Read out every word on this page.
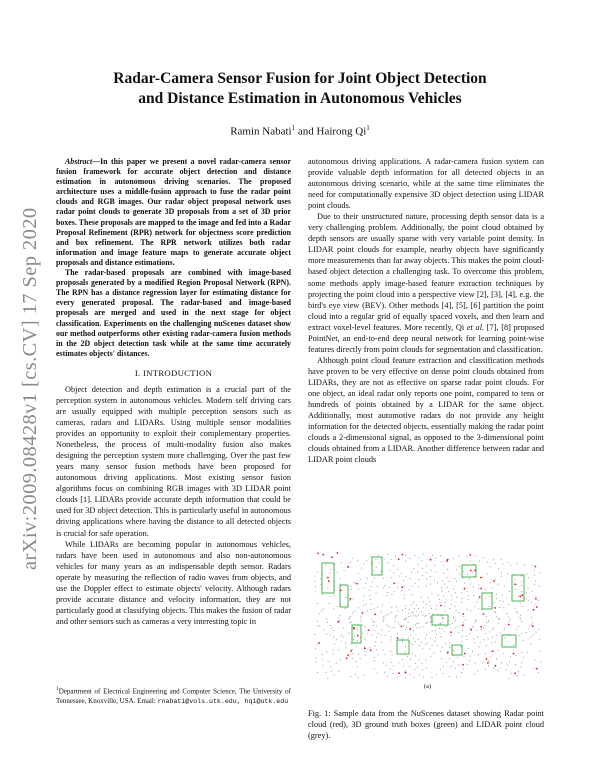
arXiv:2009.08428v1 [cs.CV] 17 Sep 2020
Radar-Camera Sensor Fusion for Joint Object Detection
and Distance Estimation in Autonomous Vehicles
Ramin Nabati$^1$ and Hairong Qi$^1$

Abstract—In this paper we present a novel radar-camera sensor fusion framework for accurate object detection and distance estimation in autonomous driving scenarios. The proposed architecture uses a middle-fusion approach to fuse the radar point clouds and RGB images. Our radar object proposal network uses radar point clouds to generate 3D proposals from a set of 3D prior boxes. These proposals are mapped to the image and fed into a Radar Proposal Refinement (RPR) network for objectness score prediction and box refinement. The RPR network utilizes both radar information and image feature maps to generate accurate object proposals and distance estimations.

The radar-based proposals are combined with image-based proposals generated by a modified Region Proposal Network (RPN). The RPN has a distance regression layer for estimating distance for every generated proposal. The radar-based and image-based proposals are merged and used in the next stage for object classification. Experiments on the challenging nuScenes dataset show our method outperforms other existing radar-camera fusion methods in the 2D object detection task while at the same time accurately estimates objects' distances.

I. INTRODUCTION

Object detection and depth estimation is a crucial part of the perception system in autonomous vehicles. Modern self driving cars are usually equipped with multiple perception sensors such as cameras, radars and LIDARs. Using multiple sensor modalities provides an opportunity to exploit their complementary properties. Nonetheless, the process of multi-modality fusion also makes designing the perception system more challenging. Over the past few years many sensor fusion methods have been proposed for autonomous driving applications. Most existing sensor fusion algorithms focus on combining RGB images with 3D LIDAR point clouds [1]. LIDARs provide accurate depth information that could be used for 3D object detection. This is particularly useful in autonomous driving applications where having the distance to all detected objects is crucial for safe operation.

While LIDARs are becoming popular in autonomous vehicles, radars have been used in autonomous and also non-autonomous vehicles for many years as an indispensable depth sensor. Radars operate by measuring the reflection of radio waves from objects, and use the Doppler effect to estimate objects' velocity. Although radars provide accurate distance and velocity information, they are not particularly good at classifying objects. This makes the fusion of radar and other sensors such as cameras a very interesting topic in

autonomous driving applications. A radar-camera fusion system can provide valuable depth information for all detected objects in an autonomous driving scenario, while at the same time eliminates the need for computationally expensive 3D object detection using LIDAR point clouds.

Due to their unstructured nature, processing depth sensor data is a very challenging problem. Additionally, the point cloud obtained by depth sensors are usually sparse with very variable point density. In LIDAR point clouds for example, nearby objects have significantly more measurements than far away objects. This makes the point cloud-based object detection a challenging task. To overcome this problem, some methods apply image-based feature extraction techniques by projecting the point cloud into a perspective view [2], [3], [4], e.g. the bird's eye view (BEV). Other methods [4], [5], [6] partition the point cloud into a regular grid of equally spaced voxels, and then learn and extract voxel-level features. More recently, Qi et al. [7], [8] proposed PointNet, an end-to-end deep neural network for learning point-wise features directly from point clouds for segmentation and classification.

Although point cloud feature extraction and classification methods have proven to be very effective on dense point clouds obtained from LIDARs, they are not as effective on sparse radar point clouds. For one object, an ideal radar only reports one point, compared to tens or hundreds of points obtained by a LIDAR for the same object. Additionally, most automotive radars do not provide any height information for the detected objects, essentially making the radar point clouds a 2-dimensional signal, as opposed to the 3-dimensional point clouds obtained from a LIDAR. Another difference between radar and LIDAR point clouds

(a)
Fig. 1: Sample data from the NuScenes dataset showing Radar point cloud (red), 3D ground truth boxes (green) and LIDAR point cloud (grey).
$^1$Department of Electrical Engineering and Computer Science, The University of Tennessee, Knoxville, USA. Email: rnabati@vols.utk.edu, hqi@utk.edu
